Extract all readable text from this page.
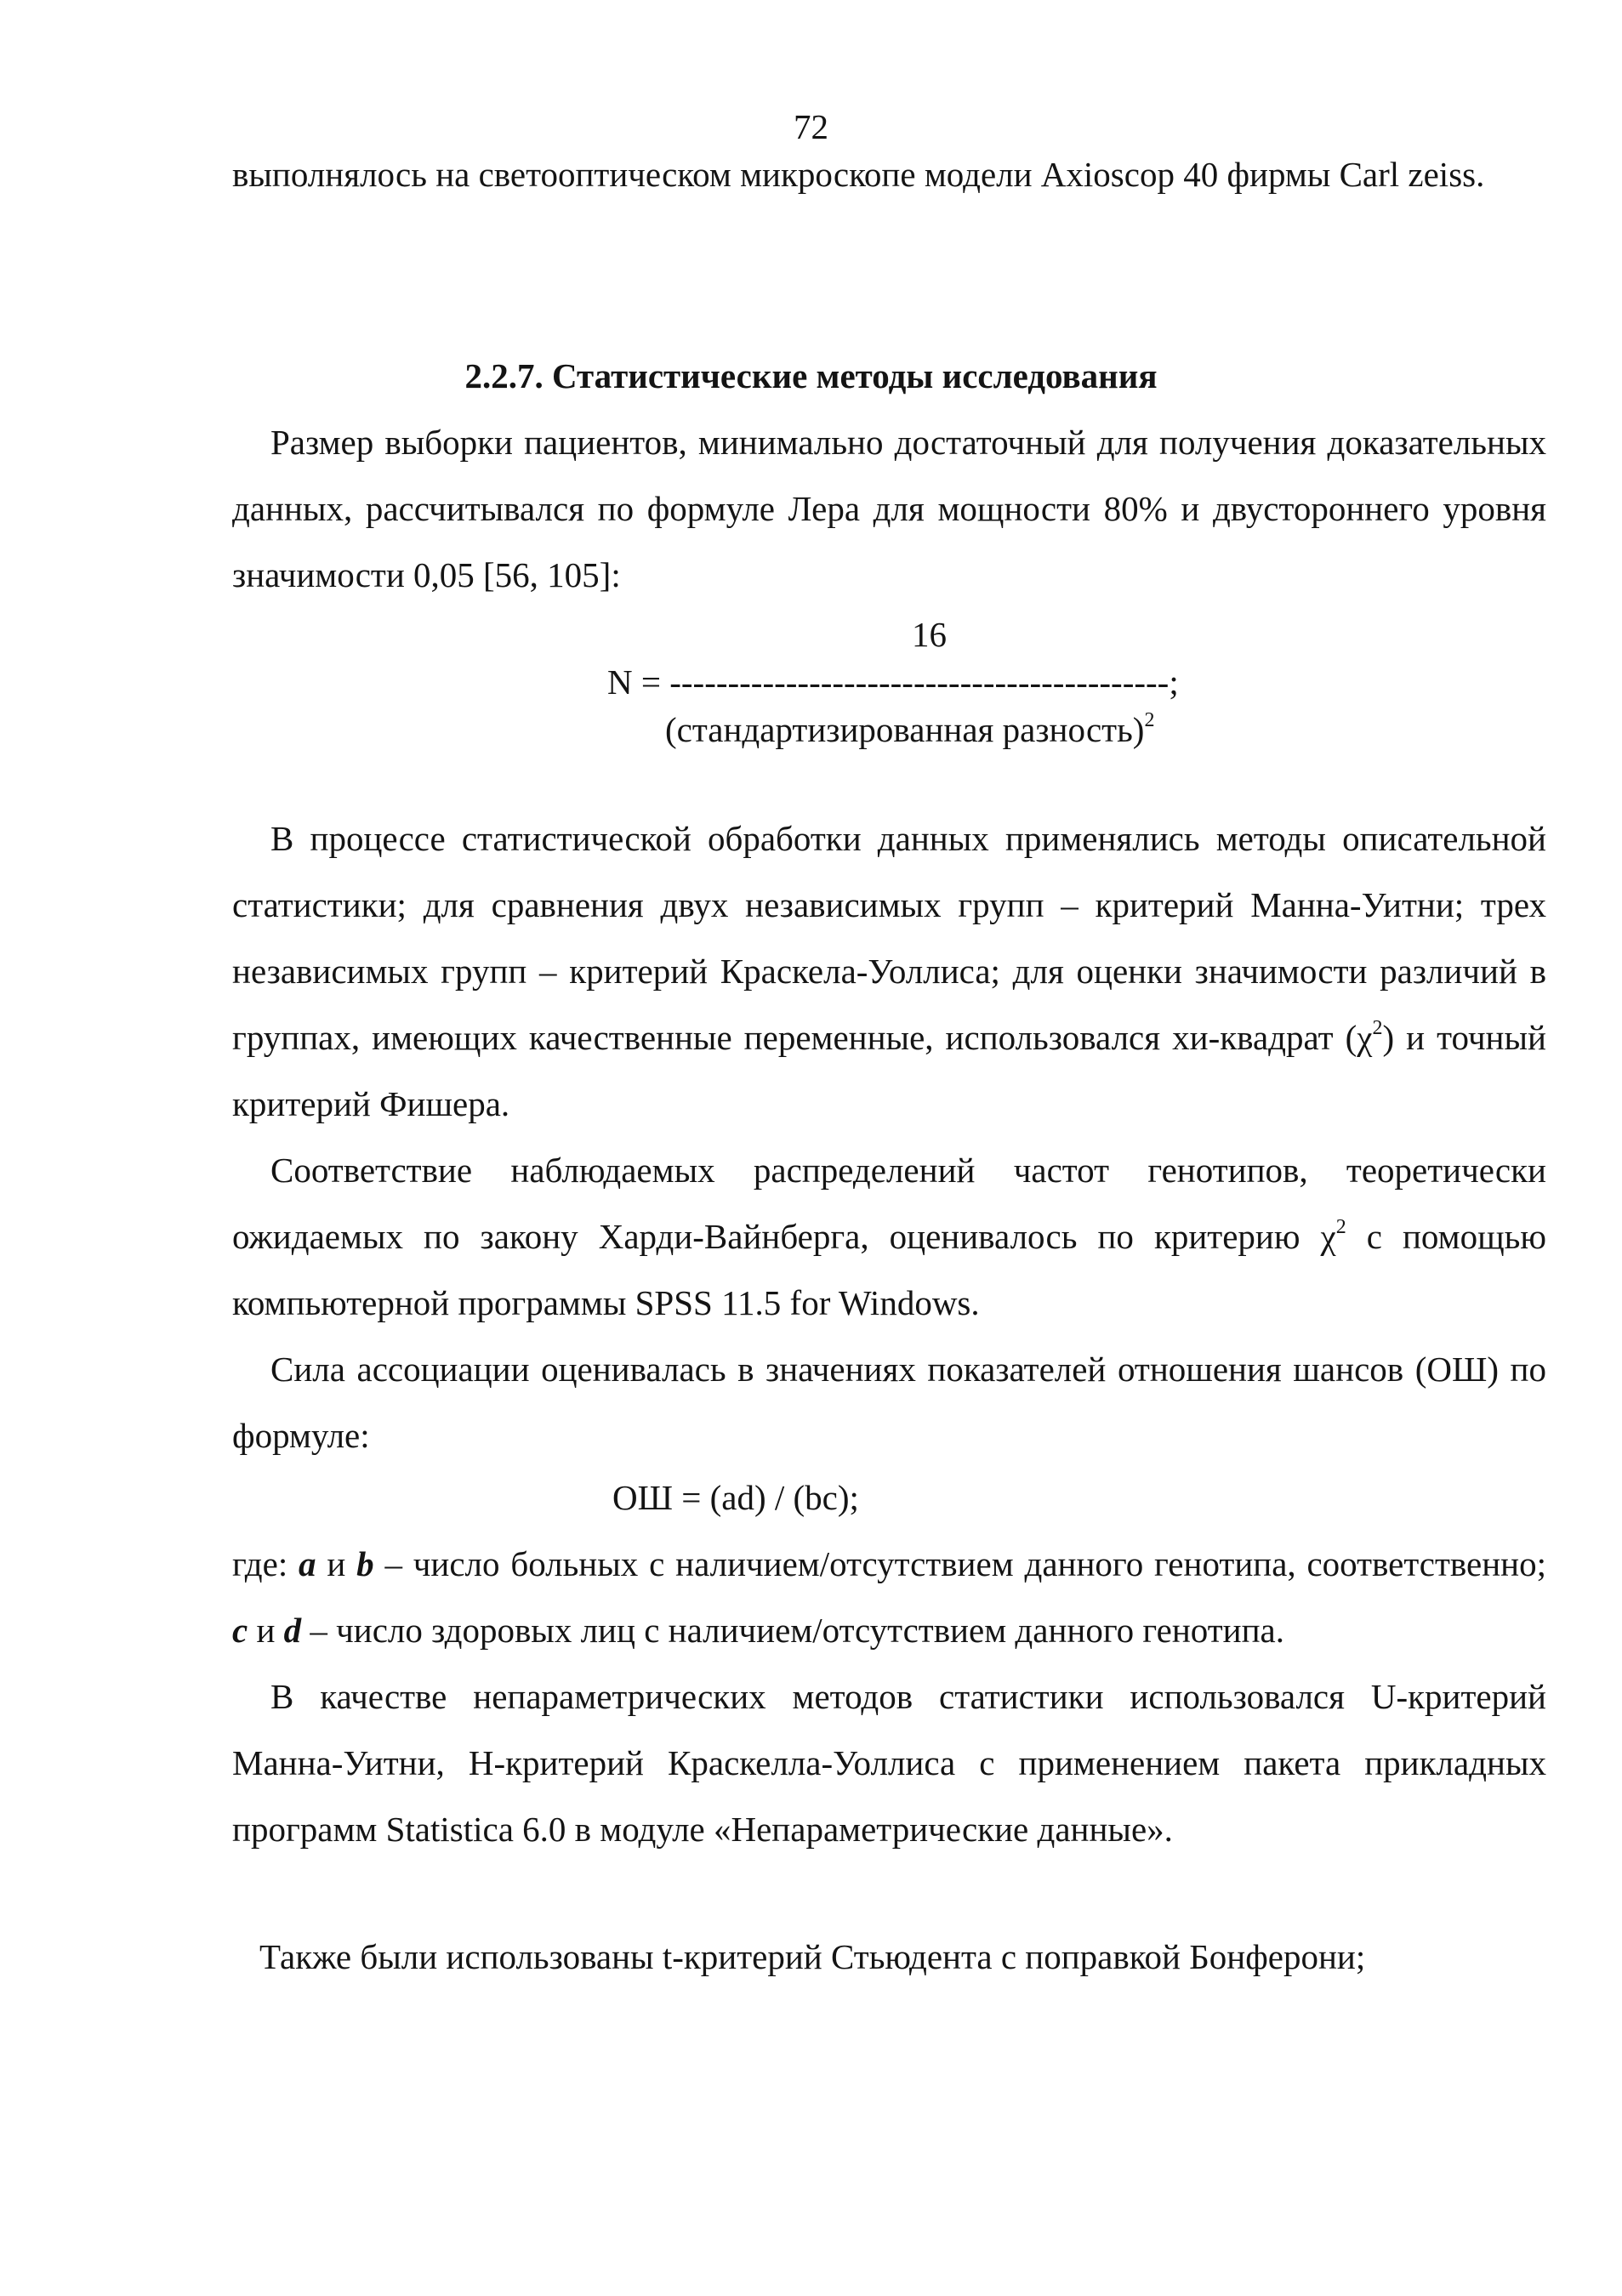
72

выполнялось на светооптическом микроскопе модели Axioscop 40 фирмы Carl zeiss.

2.2.7. Статистические методы исследования

Размер выборки пациентов, минимально достаточный для получения доказательных данных, рассчитывался по формуле Лера для мощности 80% и двустороннего уровня значимости 0,05 [56, 105]:

16
N = -------------------------------------------;
(стандартизированная разность)$^2$

В процессе статистической обработки данных применялись методы описательной статистики; для сравнения двух независимых групп – критерий Манна-Уитни; трех независимых групп – критерий Краскела-Уоллиса; для оценки значимости различий в группах, имеющих качественные переменные, использовался хи-квадрат $(\chi^2)$ и точный критерий Фишера.

Соответствие наблюдаемых распределений частот генотипов, теоретически ожидаемых по закону Харди-Вайнберга, оценивалось по критерию $\chi^2$ с помощью компьютерной программы SPSS 11.5 for Windows.

Сила ассоциации оценивалась в значениях показателей отношения шансов (ОШ) по формуле:

ОШ = (ad) / (bc);

где: a и b – число больных с наличием/отсутствием данного генотипа, соответственно; c и d – число здоровых лиц с наличием/отсутствием данного генотипа.

В качестве непараметрических методов статистики использовался U-критерий Манна-Уитни, Н-критерий Краскелла-Уоллиса с применением пакета прикладных программ Statistica 6.0 в модуле «Непараметрические данные».

Также были использованы t-критерий Стьюдента с поправкой Бонферони;
